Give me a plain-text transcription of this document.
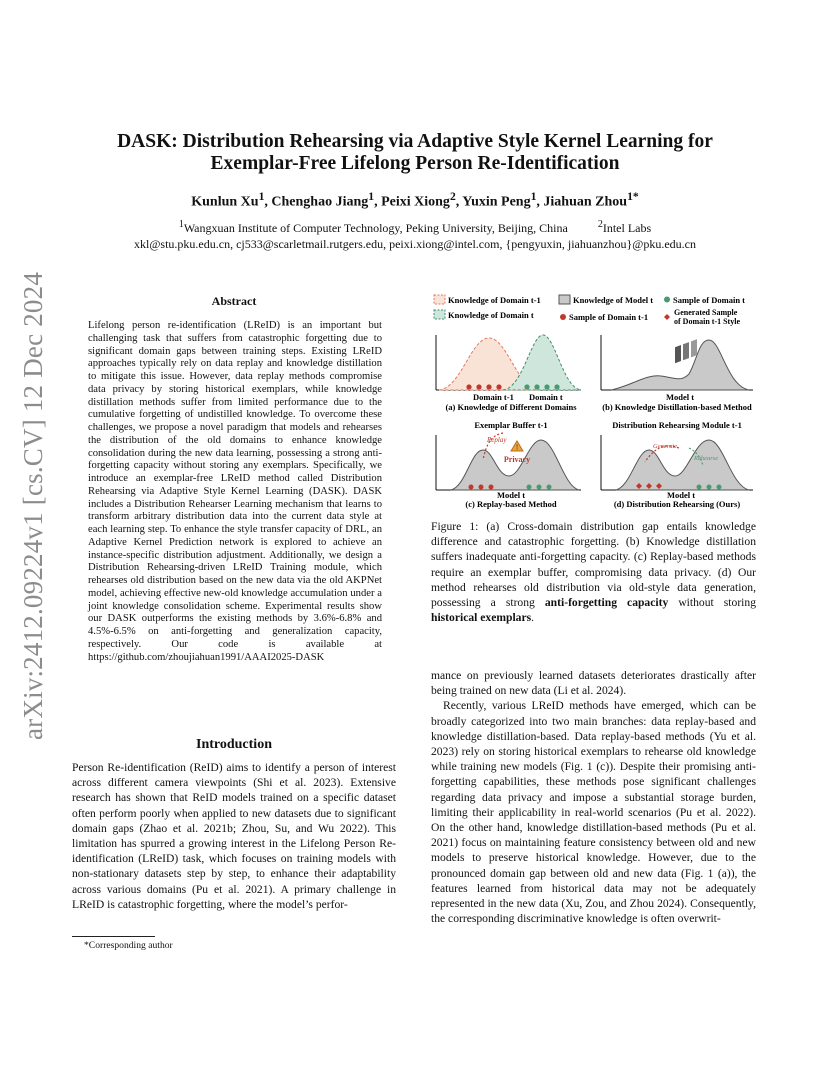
arXiv:2412.09224v1 [cs.CV] 12 Dec 2024
DASK: Distribution Rehearsing via Adaptive Style Kernel Learning for
Exemplar-Free Lifelong Person Re-Identification
Kunlun Xu$^1$, Chenghao Jiang$^1$, Peixi Xiong$^2$, Yuxin Peng$^1$, Jiahuan Zhou$^{1*}$
$^1$Wangxuan Institute of Computer Technology, Peking University, Beijing, China	$^2$Intel Labs
xkl@stu.pku.edu.cn, cj533@scarletmail.rutgers.edu, peixi.xiong@intel.com, {pengyuxin, jiahuanzhou}@pku.edu.cn
Abstract

Lifelong person re-identification (LReID) is an important but challenging task that suffers from catastrophic forgetting due to significant domain gaps between training steps. Existing LReID approaches typically rely on data replay and knowledge distillation to mitigate this issue. However, data replay methods compromise data privacy by storing historical exemplars, while knowledge distillation methods suffer from limited performance due to the cumulative forgetting of undistilled knowledge. To overcome these challenges, we propose a novel paradigm that models and rehearses the distribution of the old domains to enhance knowledge consolidation during the new data learning, possessing a strong anti-forgetting capacity without storing any exemplars. Specifically, we introduce an exemplar-free LReID method called Distribution Rehearsing via Adaptive Style Kernel Learning (DASK). DASK includes a Distribution Rehearser Learning mechanism that learns to transform arbitrary distribution data into the current data style at each learning step. To enhance the style transfer capacity of DRL, an Adaptive Kernel Prediction network is explored to achieve an instance-specific distribution adjustment. Additionally, we design a Distribution Rehearsing-driven LReID Training module, which rehearses old distribution based on the new data via the old AKPNet model, achieving effective new-old knowledge accumulation under a joint knowledge consolidation scheme. Experimental results show our DASK outperforms the existing methods by 3.6%-6.8% and 4.5%-6.5% on anti-forgetting and generalization capacity, respectively. Our code is available at https://github.com/zhoujiahuan1991/AAAI2025-DASK

Introduction

Person Re-identification (ReID) aims to identify a person of interest across different camera viewpoints (Shi et al. 2023). Extensive research has shown that ReID models trained on a specific dataset often perform poorly when applied to new datasets due to significant domain gaps (Zhao et al. 2021b; Zhou, Su, and Wu 2022). This limitation has spurred a growing interest in the Lifelong Person Re-identification (LReID) task, which focuses on training models with non-stationary datasets step by step, to enhance their adaptability across various domains (Pu et al. 2021). A primary challenge in LReID is catastrophic forgetting, where the model’s perfor-

*Corresponding author
Knowledge of Domain t-1
Knowledge of Domain t
Knowledge of Model t Sample of Domain t
Sample of Domain t-1	Generated Sample of Domain t-1 Style
Domain t-1 Domain t
(a) Knowledge of Different Domains
Model t
(b) Knowledge Distillation-based Method
Exemplar Buffer t-1
Replay
!
Privacy
Model t
(c) Replay-based Method
Distribution Rehearsing Module t-1
Generate
Rehearse
Model t
(d) Distribution Rehearsing (Ours)
Figure 1: (a) Cross-domain distribution gap entails knowledge difference and catastrophic forgetting. (b) Knowledge distillation suffers inadequate anti-forgetting capacity. (c) Replay-based methods require an exemplar buffer, compromising data privacy. (d) Our method rehearses old distribution via old-style data generation, possessing a strong anti-forgetting capacity without storing historical exemplars.

mance on previously learned datasets deteriorates drastically after being trained on new data (Li et al. 2024).

Recently, various LReID methods have emerged, which can be broadly categorized into two main branches: data replay-based and knowledge distillation-based. Data replay-based methods (Yu et al. 2023) rely on storing historical exemplars to rehearse old knowledge while training new models (Fig. 1 (c)). Despite their promising anti-forgetting capabilities, these methods pose significant challenges regarding data privacy and impose a substantial storage burden, limiting their applicability in real-world scenarios (Pu et al. 2022). On the other hand, knowledge distillation-based methods (Pu et al. 2021) focus on maintaining feature consistency between old and new models to preserve historical knowledge. However, due to the pronounced domain gap between old and new data (Fig. 1 (a)), the features learned from historical data may not be adequately represented in the new data (Xu, Zou, and Zhou 2024). Consequently, the corresponding discriminative knowledge is often overwrit-
